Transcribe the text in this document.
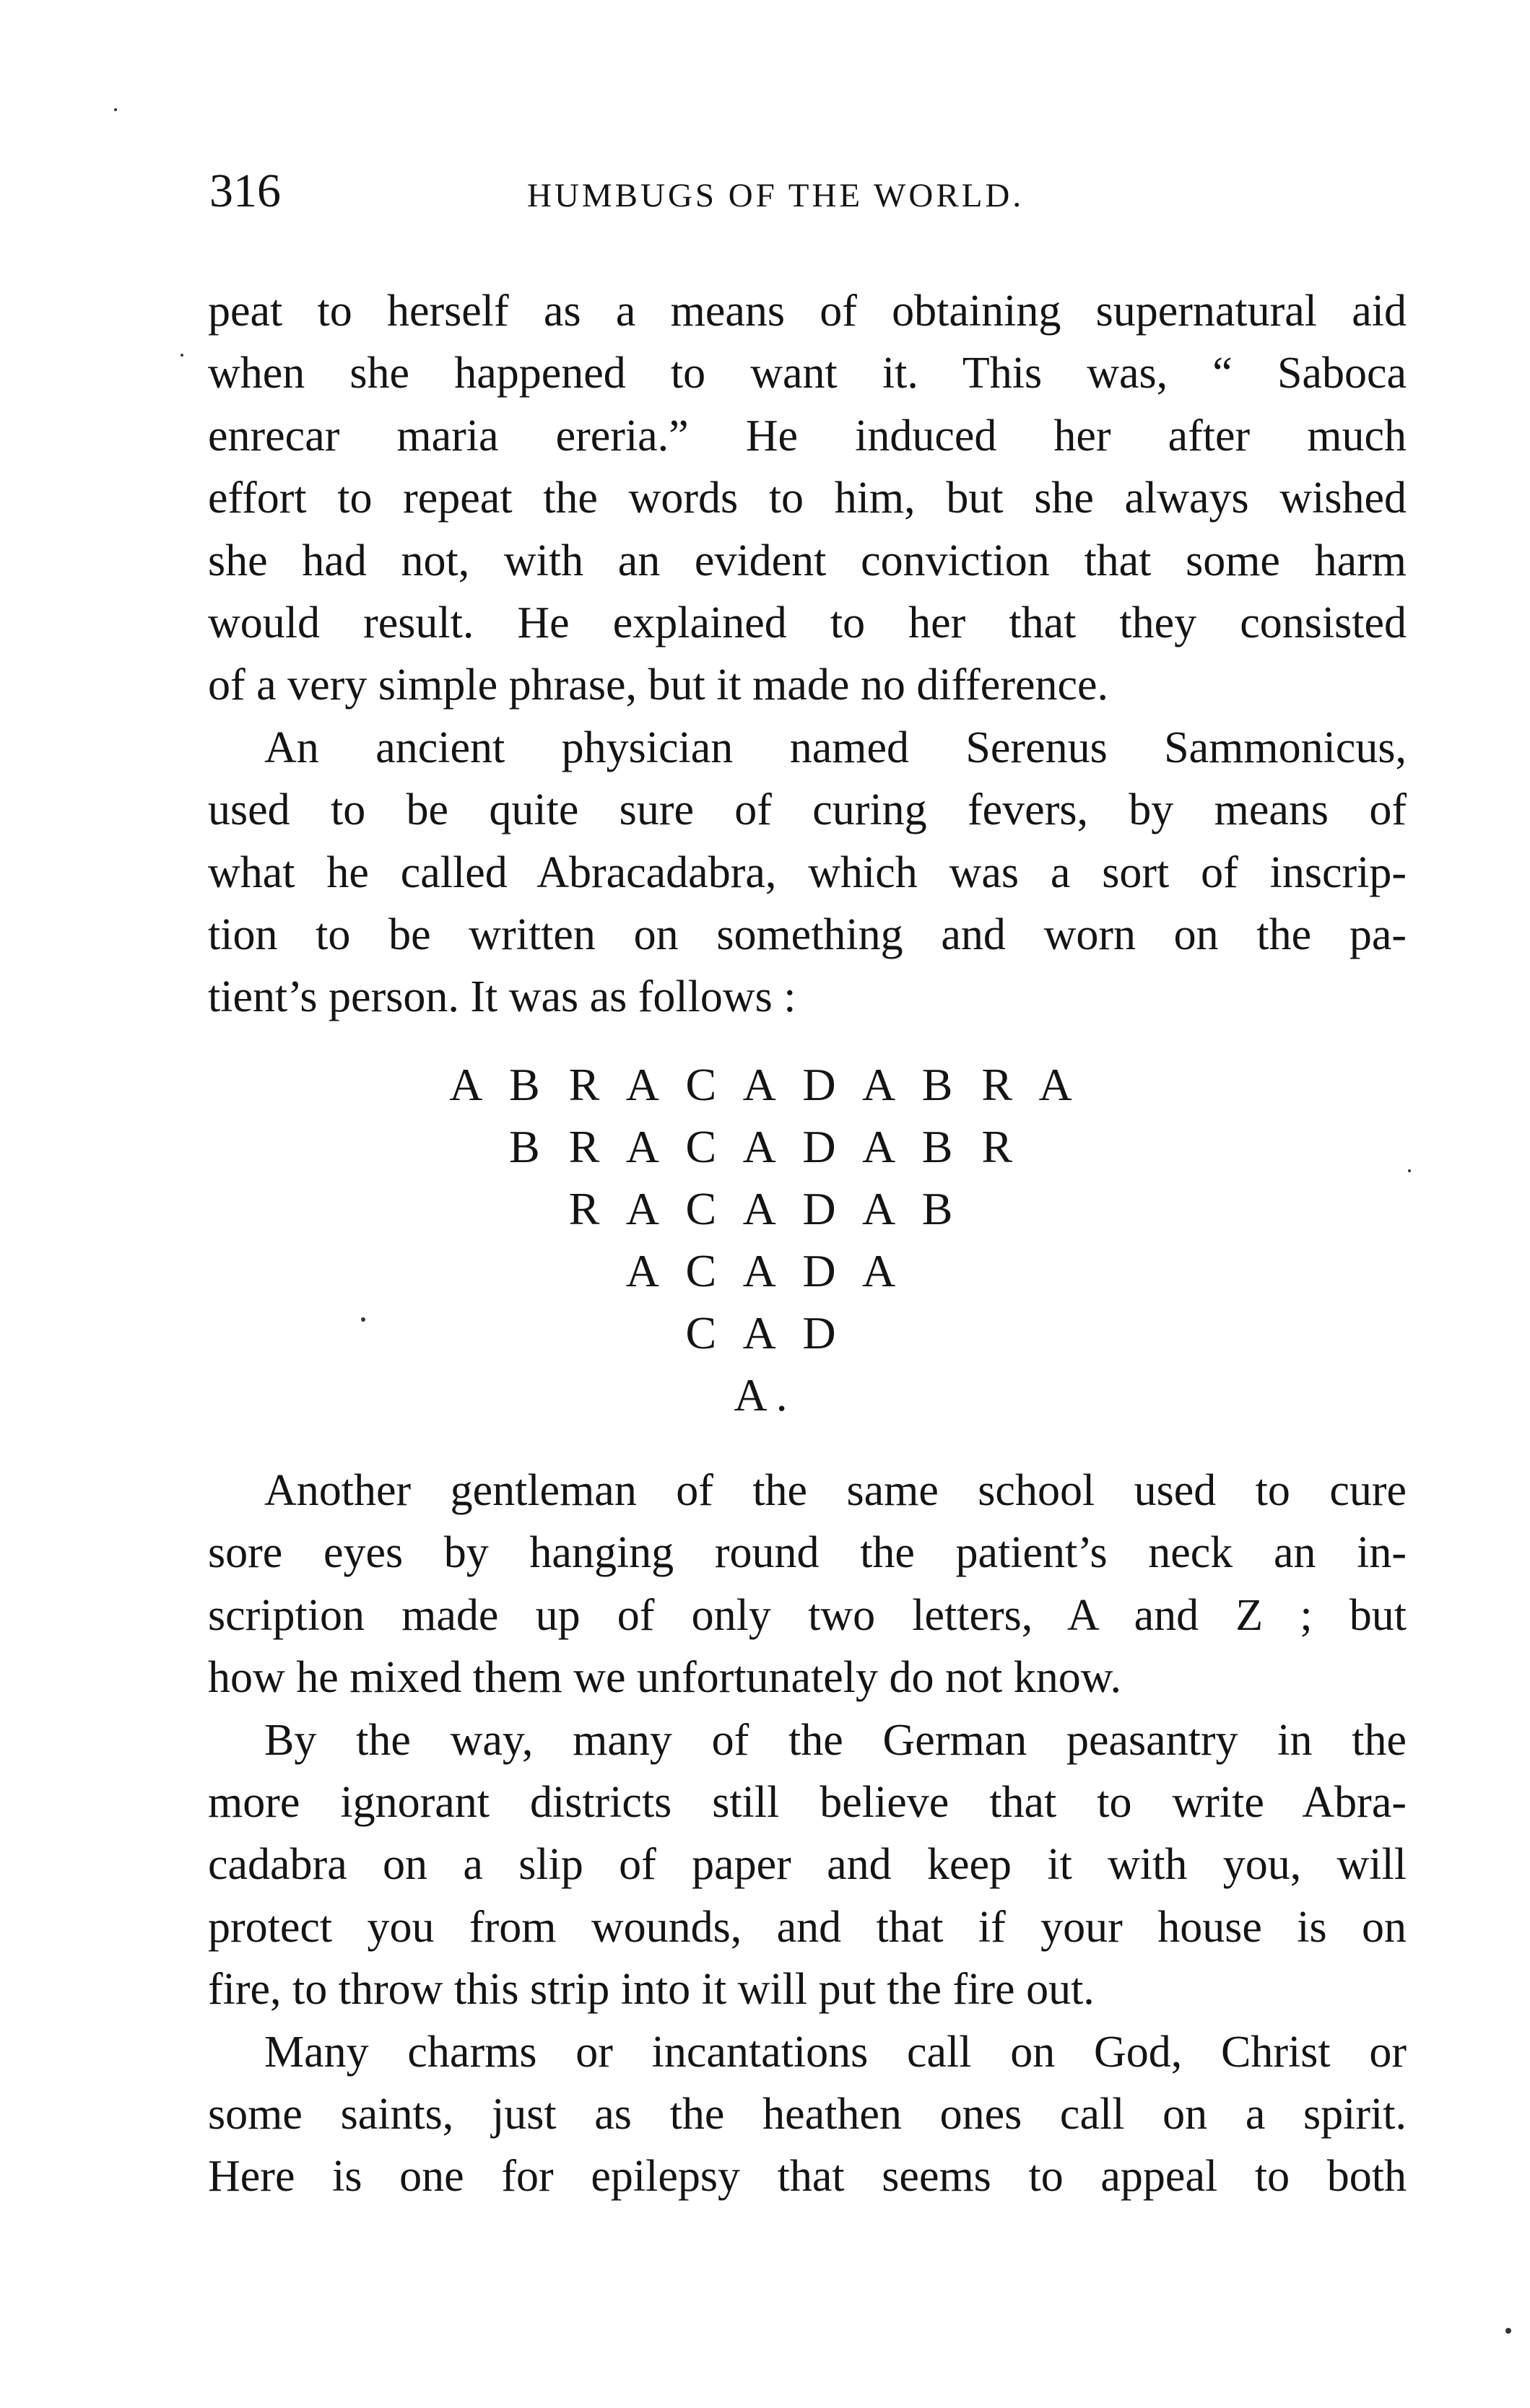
316	HUMBUGS OF THE WORLD.

peat to herself as a means of obtaining supernatural aid
when she happened to want it. This was, “ Saboca
enrecar maria ereria.” He induced her after much
effort to repeat the words to him, but she always wished
she had not, with an evident conviction that some harm
would result. He explained to her that they consisted
of a very simple phrase, but it made no difference.

An ancient physician named Serenus Sammonicus,
used to be quite sure of curing fevers, by means of
what he called Abracadabra, which was a sort of inscrip-
tion to be written on something and worn on the pa-
tient’s person. It was as follows :

A B R A C A D A B R A
B R A C A D A B R
R A C A D A B
A C A D A
C A D
A.

Another gentleman of the same school used to cure
sore eyes by hanging round the patient’s neck an in-
scription made up of only two letters, A and Z ; but
how he mixed them we unfortunately do not know.

By the way, many of the German peasantry in the
more ignorant districts still believe that to write Abra-
cadabra on a slip of paper and keep it with you, will
protect you from wounds, and that if your house is on
fire, to throw this strip into it will put the fire out.

Many charms or incantations call on God, Christ or
some saints, just as the heathen ones call on a spirit.
Here is one for epilepsy that seems to appeal to both
